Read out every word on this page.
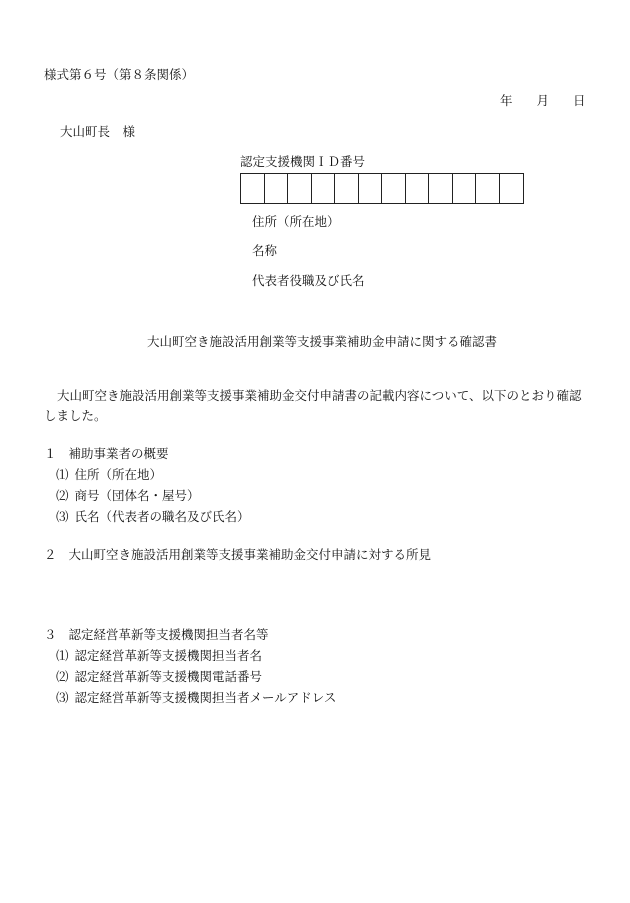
様式第６号（第８条関係）
年 月 日
大山町長　様
認定支援機関ＩＤ番号
住所（所在地）
名称
代表者役職及び氏名
大山町空き施設活用創業等支援事業補助金申請に関する確認書
大山町空き施設活用創業等支援事業補助金交付申請書の記載内容について、以下のとおり確認しました。
１ 補助事業者の概要
⑴ 住所（所在地）
⑵ 商号（団体名・屋号）
⑶ 氏名（代表者の職名及び氏名）
２ 大山町空き施設活用創業等支援事業補助金交付申請に対する所見
３ 認定経営革新等支援機関担当者名等
⑴ 認定経営革新等支援機関担当者名
⑵ 認定経営革新等支援機関電話番号
⑶ 認定経営革新等支援機関担当者メールアドレス
